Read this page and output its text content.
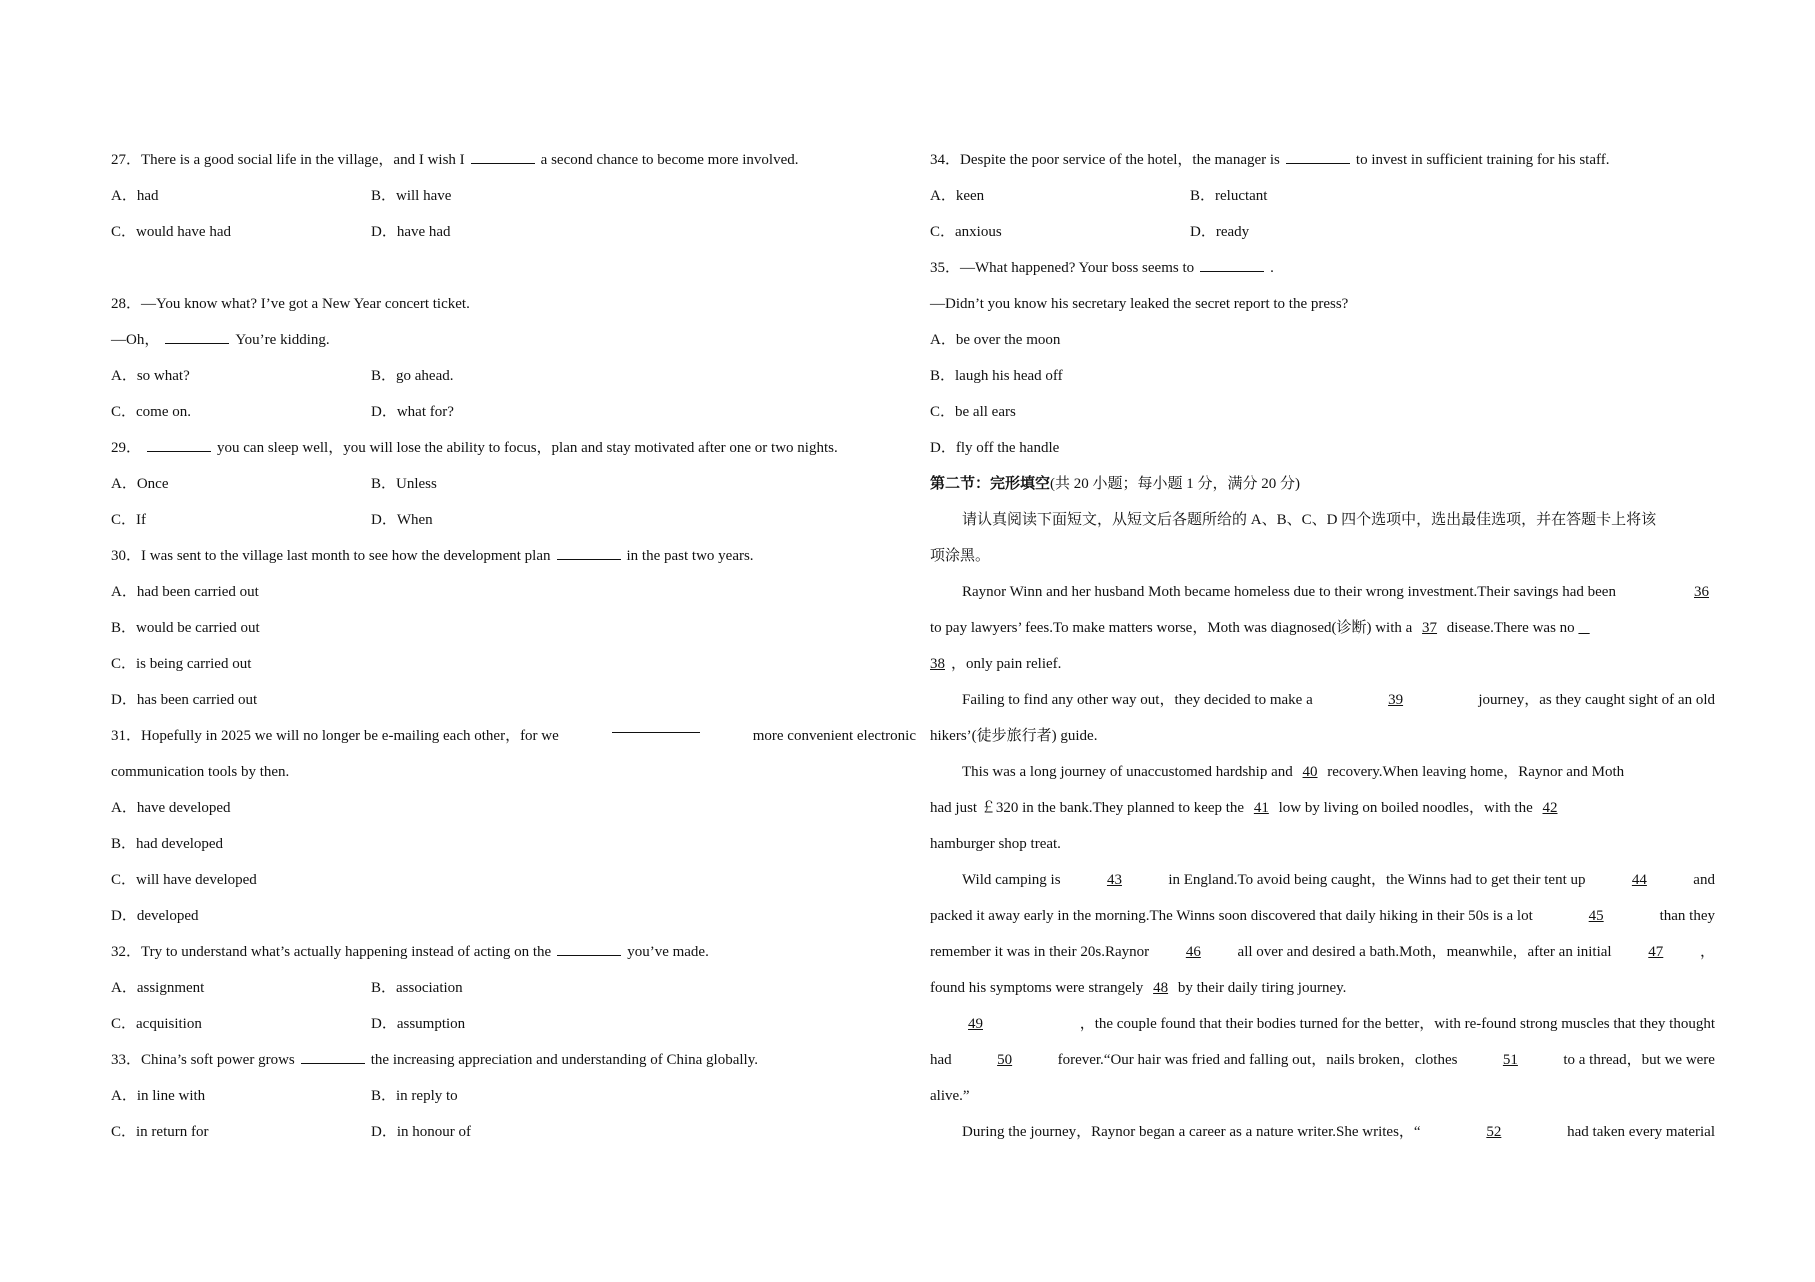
27．There is a good social life in the village，and I wish I	a second chance to become more involved.
A．had	B．will have
C．would have had	D．have had
28．—You know what? I’ve got a New Year concert ticket.
—Oh，	You’re kidding.
A．so what?	B．go ahead.
C．come on.	D．what for?
29．	you can sleep well，you will lose the ability to focus，plan and stay motivated after one or two nights.
A．Once	B．Unless
C．If	D．When
30．I was sent to the village last month to see how the development plan	in the past two years.
A．had been carried out
B．would be carried out
C．is being carried out
D．has been carried out
31．Hopefully in 2025 we will no longer be e-mailing each other，for we	more convenient electronic
communication tools by then.
A．have developed
B．had developed
C．will have developed
D．developed
32．Try to understand what’s actually happening instead of acting on the	you’ve made.
A．assignment	B．association
C．acquisition	D．assumption
33．China’s soft power grows	the increasing appreciation and understanding of China globally.
A．in line with	B．in reply to
C．in return for	D．in honour of
34．Despite the poor service of the hotel，the manager is	to invest in sufficient training for his staff.
A．keen	B．reluctant
C．anxious	D．ready
35．—What happened? Your boss seems to	.
—Didn’t you know his secretary leaked the secret report to the press?
A．be over the moon
B．laugh his head off
C．be all ears
D．fly off the handle
第二节：完形填空(共 20 小题；每小题 1 分，满分 20 分)
请认真阅读下面短文，从短文后各题所给的 A、B、C、D 四个选项中，选出最佳选项，并在答题卡上将该
项涂黑。
Raynor Winn and her husband Moth became homeless due to their wrong investment.Their savings had been	36
to pay lawyers’ fees.To make matters worse，Moth was diagnosed(诊断) with a 37 disease.There was no
38 ，only pain relief.
Failing to find any other way out，they decided to make a	39	journey，as they caught sight of an old
hikers’(徒步旅行者) guide.
This was a long journey of unaccustomed hardship and 40 recovery.When leaving home，Raynor and Moth
had just ￡320 in the bank.They planned to keep the 41 low by living on boiled noodles，with the 42
hamburger shop treat.
Wild camping is	43	in England.To avoid being caught，the Winns had to get their tent up	44	and
packed it away early in the morning.The Winns soon discovered that daily hiking in their 50s is a lot	45	than they
remember it was in their 20s.Raynor	46	all over and desired a bath.Moth，meanwhile，after an initial	47	，
found his symptoms were strangely 48 by their daily tiring journey.
49	，the couple found that their bodies turned for the better，with re-found strong muscles that they thought
had	50	forever.“Our hair was fried and falling out，nails broken，clothes	51	to a thread，but we were
alive.”
During the journey，Raynor began a career as a nature writer.She writes，“	52	had taken every material
